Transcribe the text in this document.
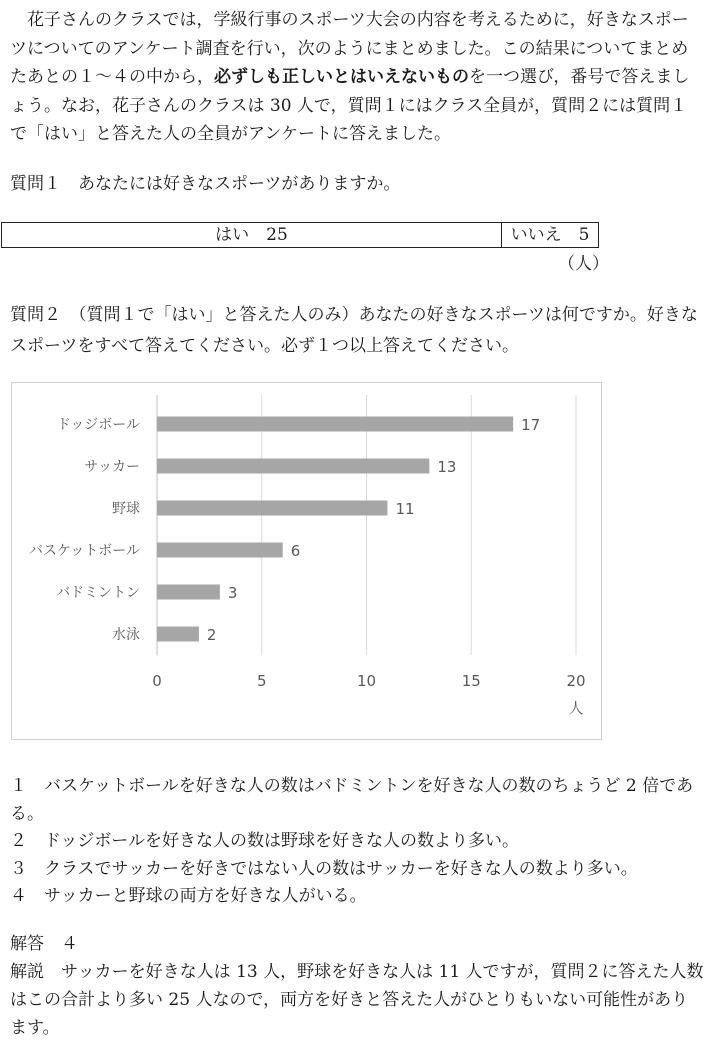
花子さんのクラスでは，学級行事のスポーツ大会の内容を考えるために，好きなスポーツについてのアンケート調査を行い，次のようにまとめました。この結果についてまとめたあとの１～４の中から，必ずしも正しいとはいえないものを一つ選び，番号で答えましょう。なお，花子さんのクラスは 30 人で，質問１にはクラス全員が，質問２には質問１で「はい」と答えた人の全員がアンケートに答えました。
質問１　あなたには好きなスポーツがありますか。
はい　25	いいえ　5
（人）
質問２　（質問１で「はい」と答えた人のみ）あなたの好きなスポーツは何ですか。好きなスポーツをすべて答えてください。必ず１つ以上答えてください。
0	5	10	15	20
ドッジボール	17
サッカー	13
野球	11
バスケットボール	6
バドミントン	3
水泳	2
人
１ バスケットボールを好きな人の数はバドミントンを好きな人の数のちょうど 2 倍である。
２ ドッジボールを好きな人の数は野球を好きな人の数より多い。
３ クラスでサッカーを好きではない人の数はサッカーを好きな人の数より多い。
４ サッカーと野球の両方を好きな人がいる。
解答 ４
解説 サッカーを好きな人は 13 人，野球を好きな人は 11 人ですが，質問２に答えた人数はこの合計より多い 25 人なので，両方を好きと答えた人がひとりもいない可能性があります。
